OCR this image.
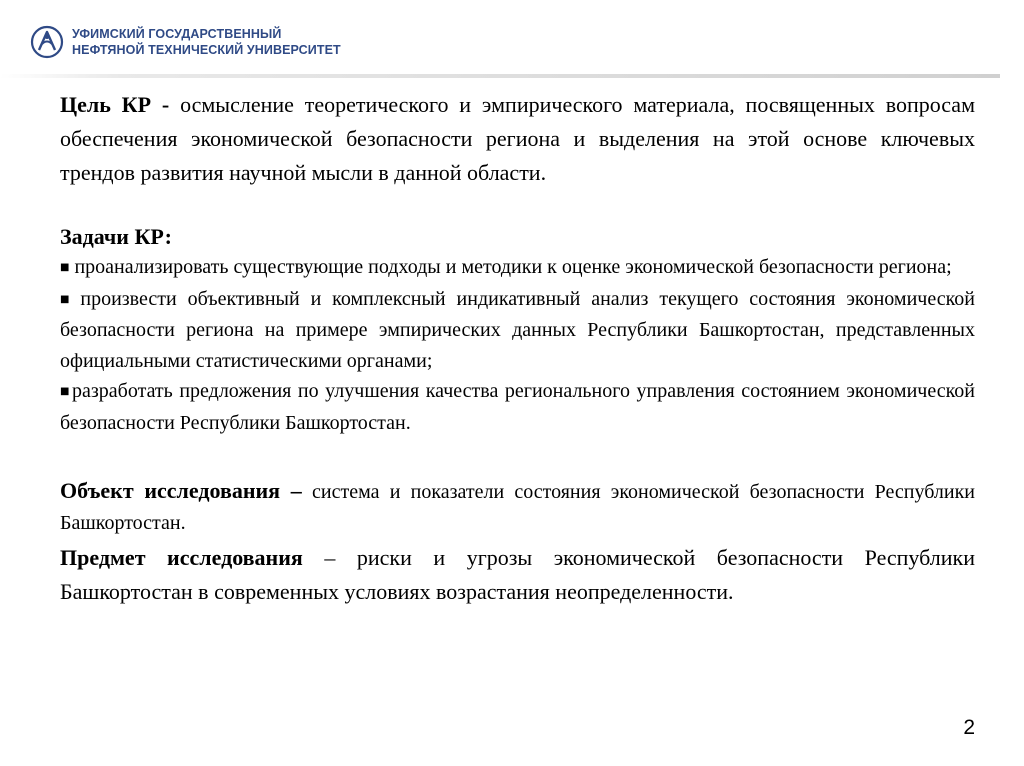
УФИМСКИЙ ГОСУДАРСТВЕННЫЙ
НЕФТЯНОЙ ТЕХНИЧЕСКИЙ УНИВЕРСИТЕТ

Цель КР - осмысление теоретического и эмпирического материала, посвященных вопросам обеспечения экономической безопасности региона и выделения на этой основе ключевых трендов развития научной мысли в данной области.

Задачи КР:

■ проанализировать существующие подходы и методики к оценке экономической безопасности региона;

■ произвести объективный и комплексный индикативный анализ текущего состояния экономической безопасности региона на примере эмпирических данных Республики Башкортостан, представленных официальными статистическими органами;

■разработать предложения по улучшения качества регионального управления состоянием экономической безопасности Республики Башкортостан.

Объект исследования – система и показатели состояния экономической безопасности Республики Башкортостан.

Предмет исследования – риски и угрозы экономической безопасности Республики Башкортостан в современных условиях возрастания неопределенности.

2
